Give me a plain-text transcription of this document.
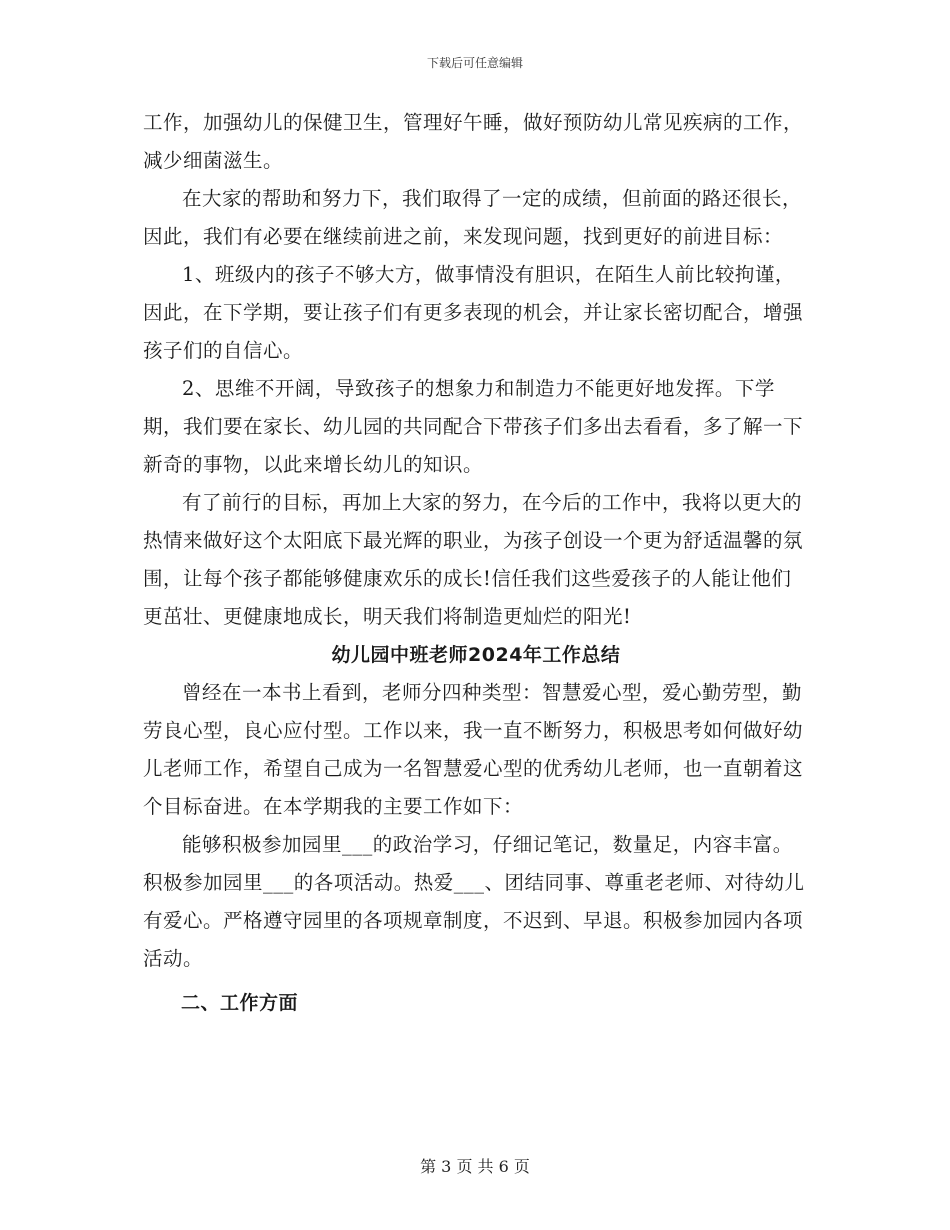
下载后可任意编辑

工作，加强幼儿的保健卫生，管理好午睡，做好预防幼儿常见疾病的工作，减少细菌滋生。

在大家的帮助和努力下，我们取得了一定的成绩，但前面的路还很长，因此，我们有必要在继续前进之前，来发现问题，找到更好的前进目标：

1、班级内的孩子不够大方，做事情没有胆识，在陌生人前比较拘谨，因此，在下学期，要让孩子们有更多表现的机会，并让家长密切配合，增强孩子们的自信心。

2、思维不开阔，导致孩子的想象力和制造力不能更好地发挥。下学期，我们要在家长、幼儿园的共同配合下带孩子们多出去看看，多了解一下新奇的事物，以此来增长幼儿的知识。

有了前行的目标，再加上大家的努力，在今后的工作中，我将以更大的热情来做好这个太阳底下最光辉的职业，为孩子创设一个更为舒适温馨的氛围，让每个孩子都能够健康欢乐的成长!信任我们这些爱孩子的人能让他们更茁壮、更健康地成长，明天我们将制造更灿烂的阳光!

幼儿园中班老师2024年工作总结

曾经在一本书上看到，老师分四种类型：智慧爱心型，爱心勤劳型，勤劳良心型，良心应付型。工作以来，我一直不断努力，积极思考如何做好幼儿老师工作，希望自己成为一名智慧爱心型的优秀幼儿老师，也一直朝着这个目标奋进。在本学期我的主要工作如下：

能够积极参加园里___的政治学习，仔细记笔记，数量足，内容丰富。积极参加园里___的各项活动。热爱___、团结同事、尊重老老师、对待幼儿有爱心。严格遵守园里的各项规章制度，不迟到、早退。积极参加园内各项活动。

二、工作方面

第 3 页 共 6 页
